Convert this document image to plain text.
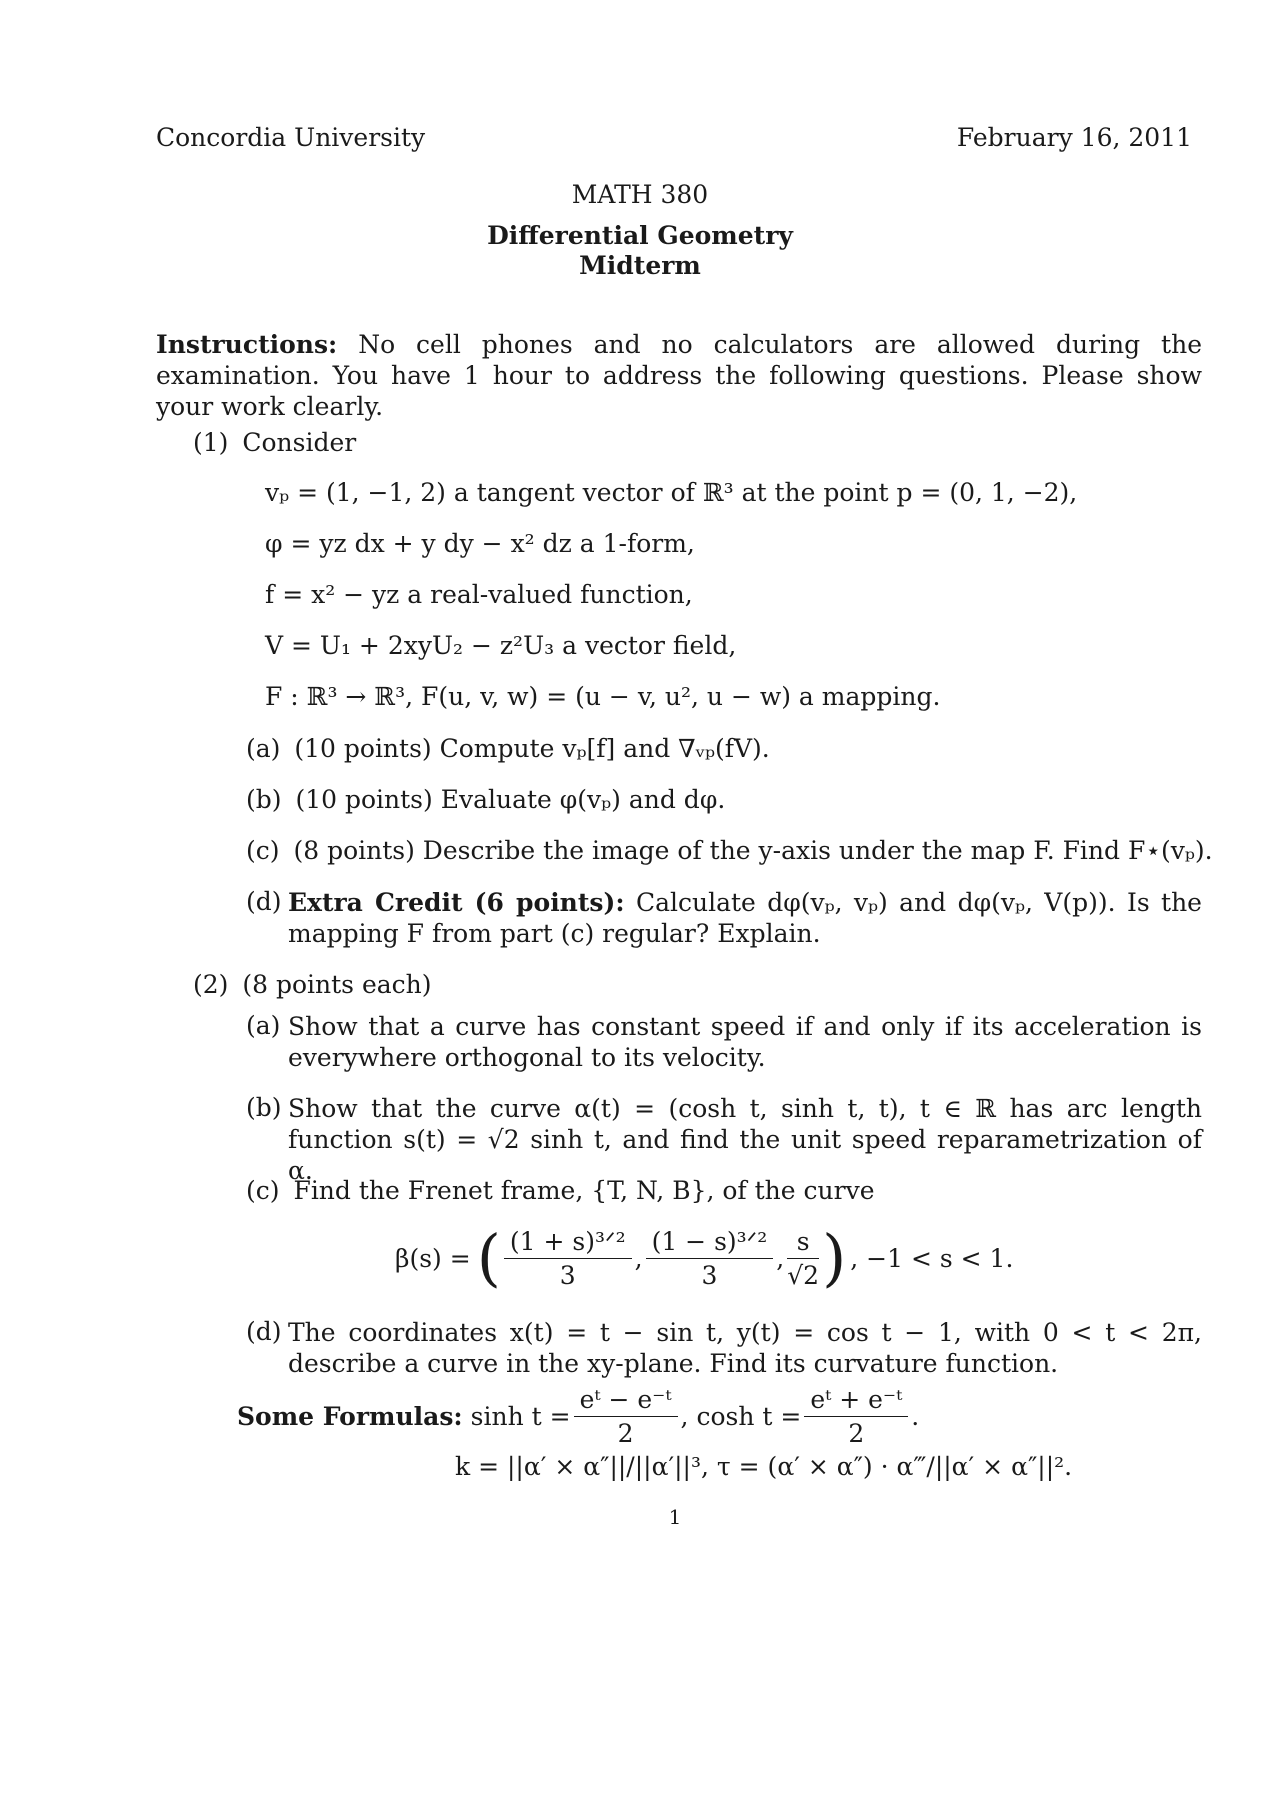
Concordia University	February 16, 2011
MATH 380
Differential Geometry
Midterm
Instructions: No cell phones and no calculators are allowed during the examination. You have 1 hour to address the following questions. Please show your work clearly.
(1) Consider
vₚ = (1, −1, 2) a tangent vector of ℝ³ at the point p = (0, 1, −2),
φ = yz dx + y dy − x² dz a 1-form,
f = x² − yz a real-valued function,
V = U₁ + 2xyU₂ − z²U₃ a vector field,
F : ℝ³ → ℝ³, F(u, v, w) = (u − v, u², u − w) a mapping.
(a) (10 points) Compute vₚ[f] and ∇ᵥₚ(fV).
(b) (10 points) Evaluate φ(vₚ) and dφ.
(c) (8 points) Describe the image of the y-axis under the map F. Find F⋆(vₚ).
(d) Extra Credit (6 points): Calculate dφ(vₚ, vₚ) and dφ(vₚ, V(p)). Is the mapping F from part (c) regular? Explain.
(2) (8 points each)
(a) Show that a curve has constant speed if and only if its acceleration is everywhere orthogonal to its velocity.
(b) Show that the curve α(t) = (cosh t, sinh t, t), t ∈ ℝ has arc length function s(t) = √2 sinh t, and find the unit speed reparametrization of α.
(c) Find the Frenet frame, {T, N, B}, of the curve
β(s) = ( $\frac{\text{(1 + s)³ᐟ²}}{3}$ , $\frac{\text{(1 − s)³ᐟ²}}{3}$ , $\frac{s}{√2}$ ) , −1 < s < 1.
(d) The coordinates x(t) = t − sin t, y(t) = cos t − 1, with 0 < t < 2π, describe a curve in the xy-plane. Find its curvature function.
Some Formulas: $\sinh t = \frac{\text{eᵗ − e⁻ᵗ}}{2}$ , $\cosh t = \frac{\text{eᵗ + e⁻ᵗ}}{2}$ .
k = ||α′ × α″||/||α′||³, τ = (α′ × α″) · α‴/||α′ × α″||².
1
